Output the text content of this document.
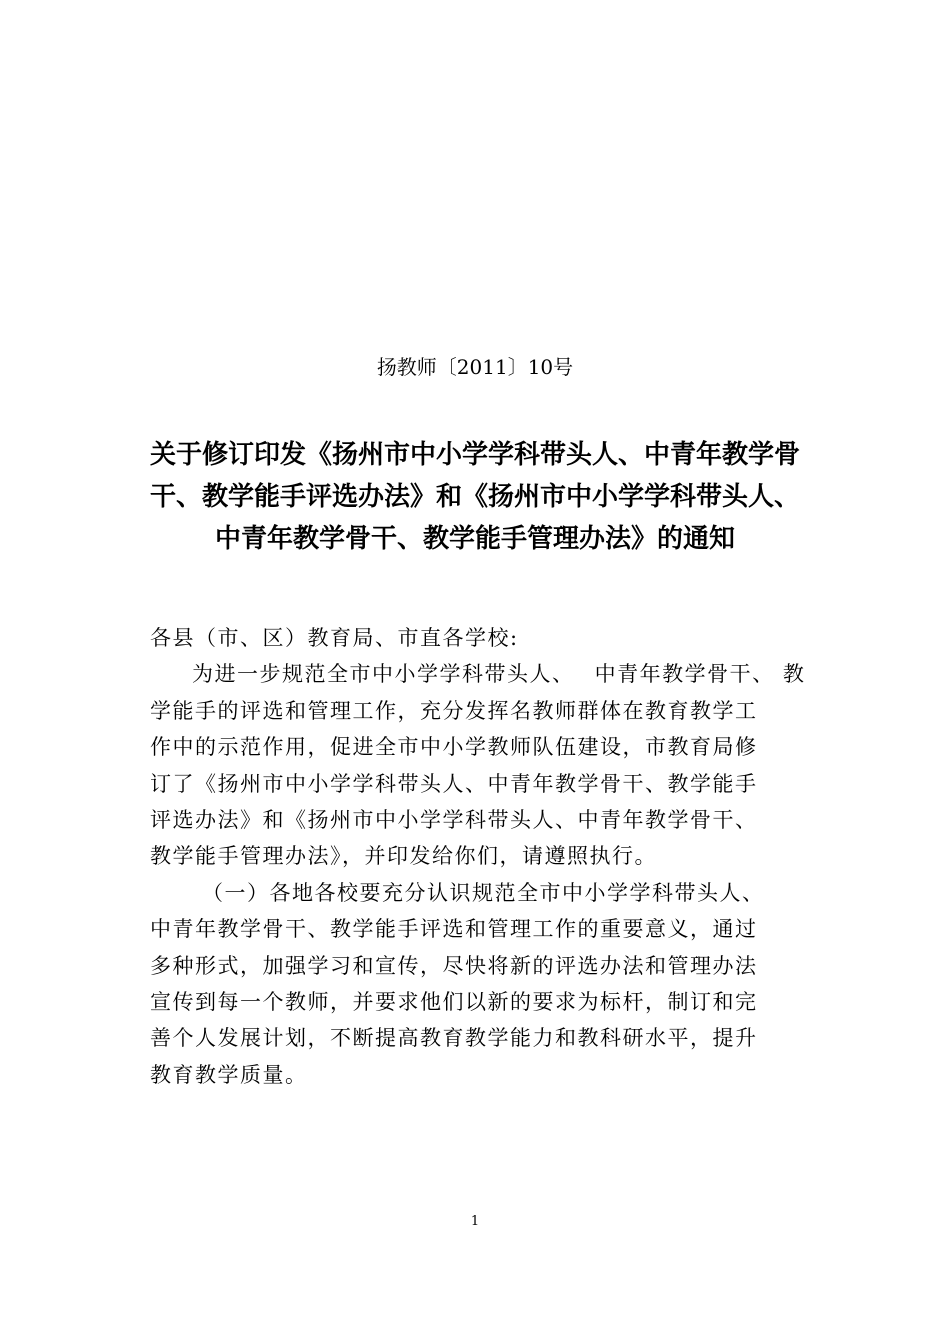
扬教师〔2011〕10号
关于修订印发《扬州市中小学学科带头人、中青年教学骨
干、教学能手评选办法》和《扬州市中小学学科带头人、
中青年教学骨干、教学能手管理办法》的通知
各县（市、区）教育局、市直各学校:
为进一步规范全市中小学学科带头人、　 中青年教学骨干、 教
学能手的评选和管理工作，充分发挥名教师群体在教育教学工
作中的示范作用，促进全市中小学教师队伍建设，市教育局修
订了《扬州市中小学学科带头人、中青年教学骨干、教学能手
评选办法》和《扬州市中小学学科带头人、中青年教学骨干、
教学能手管理办法》，并印发给你们，请遵照执行。
（一）各地各校要充分认识规范全市中小学学科带头人、
中青年教学骨干、教学能手评选和管理工作的重要意义，通过
多种形式，加强学习和宣传，尽快将新的评选办法和管理办法
宣传到每一个教师，并要求他们以新的要求为标杆，制订和完
善个人发展计划，不断提高教育教学能力和教科研水平，提升
教育教学质量。
1
